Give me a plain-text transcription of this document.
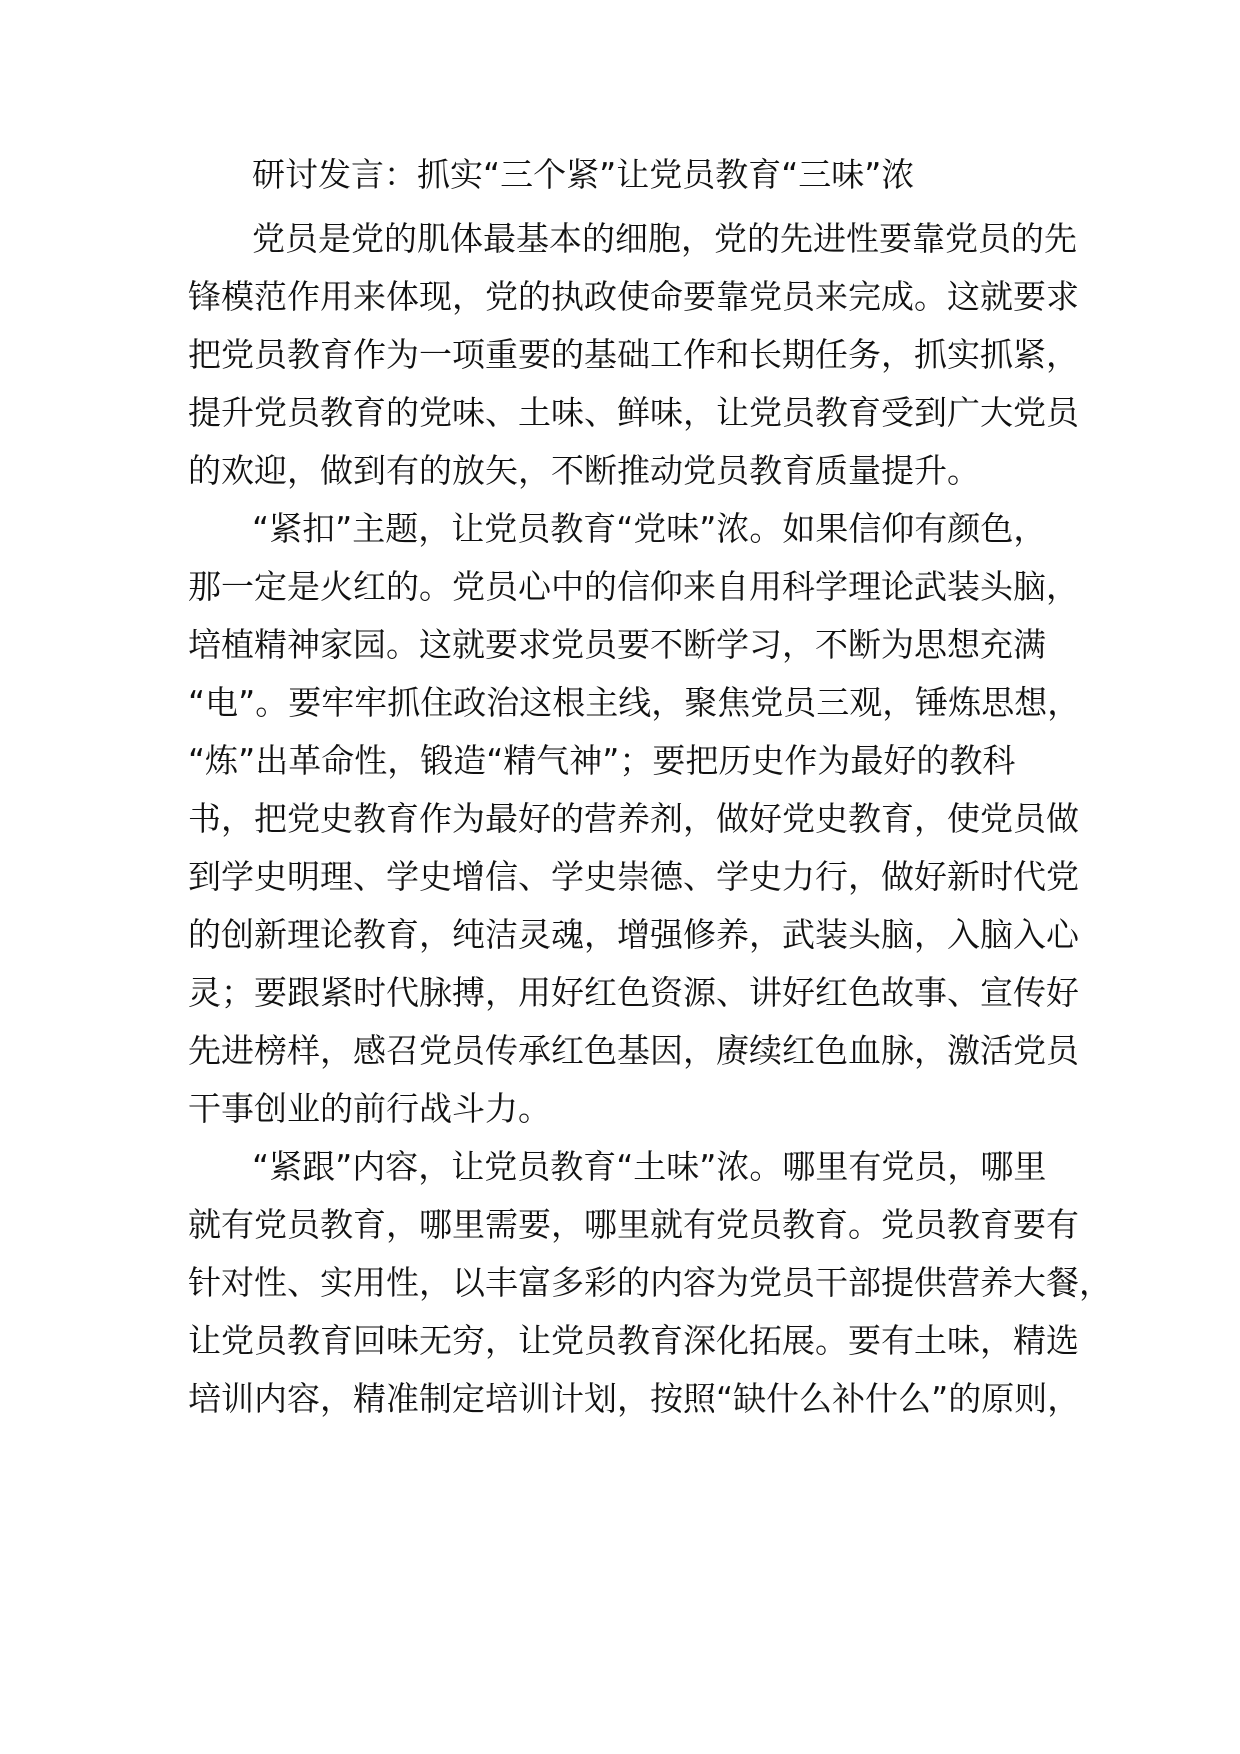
研讨发言：抓实“三个紧”让党员教育“三味”浓
党员是党的肌体最基本的细胞，党的先进性要靠党员的先
锋模范作用来体现，党的执政使命要靠党员来完成。这就要求
把党员教育作为一项重要的基础工作和长期任务，抓实抓紧，
提升党员教育的党味、土味、鲜味，让党员教育受到广大党员
的欢迎，做到有的放矢，不断推动党员教育质量提升。
“紧扣”主题，让党员教育“党味”浓。如果信仰有颜色，
那一定是火红的。党员心中的信仰来自用科学理论武装头脑，
培植精神家园。这就要求党员要不断学习，不断为思想充满
“电”。要牢牢抓住政治这根主线，聚焦党员三观，锤炼思想，
“炼”出革命性，锻造“精气神”；要把历史作为最好的教科
书，把党史教育作为最好的营养剂，做好党史教育，使党员做
到学史明理、学史增信、学史崇德、学史力行，做好新时代党
的创新理论教育，纯洁灵魂，增强修养，武装头脑，入脑入心
灵；要跟紧时代脉搏，用好红色资源、讲好红色故事、宣传好
先进榜样，感召党员传承红色基因，赓续红色血脉，激活党员
干事创业的前行战斗力。
“紧跟”内容，让党员教育“土味”浓。哪里有党员，哪里
就有党员教育，哪里需要，哪里就有党员教育。党员教育要有
针对性、实用性，以丰富多彩的内容为党员干部提供营养大餐，
让党员教育回味无穷，让党员教育深化拓展。要有土味，精选
培训内容，精准制定培训计划，按照“缺什么补什么”的原则，
